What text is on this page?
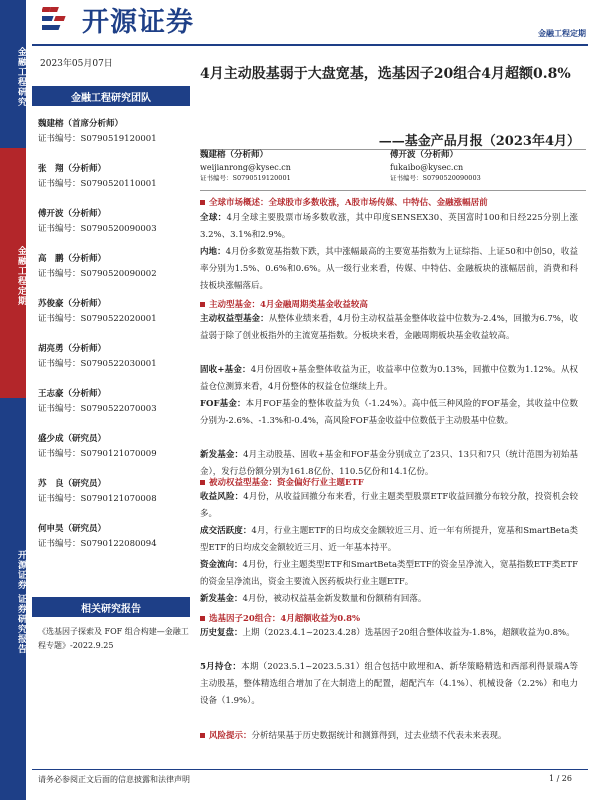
金融工程研究
金融工程定期
开源证券 证券研究报告
开源证券	金融工程定期
2023年05月07日
金融工程研究团队
魏建榕（首席分析师）
证书编号：S0790519120001
张　翔（分析师）
证书编号：S0790520110001
傅开波（分析师）
证书编号：S0790520090003
高　鹏（分析师）
证书编号：S0790520090002
苏俊豪（分析师）
证书编号：S0790522020001
胡亮勇（分析师）
证书编号：S0790522030001
王志豪（分析师）
证书编号：S0790522070003
盛少成（研究员）
证书编号：S0790121070009
苏　良（研究员）
证书编号：S0790121070008
何申昊（研究员）
证书编号：S0790122080094
相关研究报告
《选基因子探索及 FOF 组合构建—金融工程专题》-2022.9.25
4月主动股基弱于大盘宽基，选基因子20组合4月超额0.8%
——基金产品月报（2023年4月）
魏建榕（分析师）
weijianrong@kysec.cn
证书编号：S0790519120001
傅开波（分析师）
fukaibo@kysec.cn
证书编号：S0790520090003
全球市场概述：全球股市多数收涨，A股市场传媒、中特估、金融涨幅居前
全球：4月全球主要股票市场多数收涨，其中印度SENSEX30、英国富时100和日经225分别上涨3.2%、3.1%和2.9%。
内地：4月份多数宽基指数下跌，其中涨幅最高的主要宽基指数为上证综指、上证50和中创50，收益率分别为1.5%、0.6%和0.6%。从一级行业来看，传媒、中特估、金融板块的涨幅居前，消费和科技板块涨幅落后。
主动型基金：4月金融周期类基金收益较高
主动权益型基金：从整体业绩来看，4月份主动权益基金整体收益中位数为-2.4%，回撤为6.7%，收益弱于除了创业板指外的主流宽基指数。分板块来看，金融周期板块基金收益较高。
固收+基金：4月份固收+基金整体收益为正，收益率中位数为0.13%，回撤中位数为1.12%。从权益仓位测算来看，4月份整体的权益仓位继续上升。
FOF基金：本月FOF基金的整体收益为负（-1.24%）。高中低三种风险的FOF基金，其收益中位数分别为-2.6%、-1.3%和-0.4%，高风险FOF基金收益中位数低于主动股基中位数。
新发基金：4月主动股基、固收+基金和FOF基金分别成立了23只、13只和7只（统计范围为初始基金），发行总份额分别为161.8亿份、110.5亿份和14.1亿份。
被动权益型基金：资金偏好行业主题ETF
收益风险：4月份，从收益回撤分布来看，行业主题类型股票ETF收益回撤分布较分散，投资机会较多。
成交活跃度：4月，行业主题ETF的日均成交金额较近三月、近一年有所提升，宽基和SmartBeta类型ETF的日均成交金额较近三月、近一年基本持平。
资金流向：4月份，行业主题类型ETF和SmartBeta类型ETF的资金呈净流入，宽基指数ETF类ETF的资金呈净流出，资金主要流入医药板块行业主题ETF。
新发基金：4月份，被动权益基金新发数量和份额稍有回落。
选基因子20组合：4月超额收益为0.8%
历史复盘：上期（2023.4.1~2023.4.28）选基因子20组合整体收益为-1.8%，超额收益为0.8%。
5月持仓：本期（2023.5.1~2023.5.31）组合包括中欧埋和A、新华策略精选和西部利得景瑞A等主动股基，整体精选组合增加了在大制造上的配置，超配汽车（4.1%）、机械设备（2.2%）和电力设备（1.9%）。
风险提示：分析结果基于历史数据统计和测算得到，过去业绩不代表未来表现。
请务必参阅正文后面的信息披露和法律声明	1 / 26
